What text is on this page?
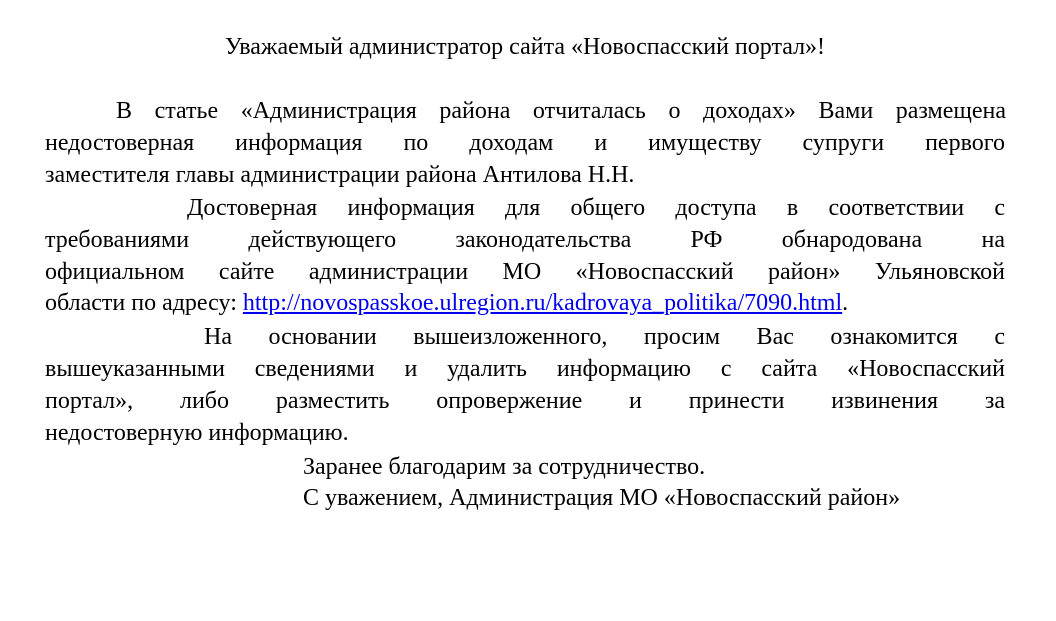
Уважаемый администратор сайта «Новоспасский портал»!
В статье «Администрация района отчиталась о доходах» Вами размещена
недостоверная информация по доходам и имуществу супруги первого
заместителя главы администрации района Антилова Н.Н.
Достоверная информация для общего доступа в соответствии с
требованиями действующего законодательства РФ обнародована на
официальном сайте администрации МО «Новоспасский район» Ульяновской
области по адресу: http://novospasskoe.ulregion.ru/kadrovaya_politika/7090.html.
На основании вышеизложенного, просим Вас ознакомится с
вышеуказанными сведениями и удалить информацию с сайта «Новоспасский
портал», либо разместить опровержение и принести извинения за
недостоверную информацию.
Заранее благодарим за сотрудничество.
С уважением, Администрация МО «Новоспасский район»
